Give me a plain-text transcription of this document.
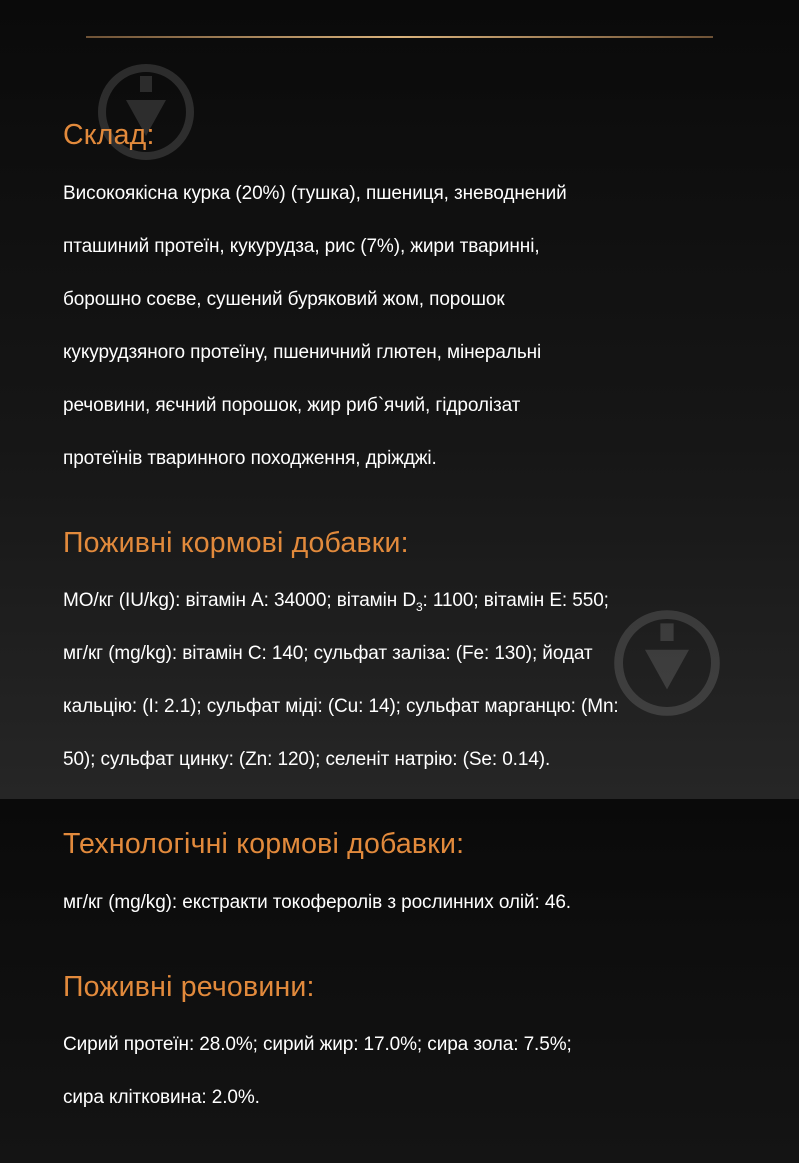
Склад:

Високоякісна курка (20%) (тушка), пшениця, зневоднений

пташиний протеїн, кукурудза, рис (7%), жири тваринні,

борошно соєве, сушений буряковий жом, порошок

кукурудзяного протеїну, пшеничний глютен, мінеральні

речовини, яєчний порошок, жир риб`ячий, гідролізат

протеїнів тваринного походження, дріжджі.

Поживні кормові добавки:

МО/кг (IU/kg): вітамін A: 34000; вітамін $D_3$: 1100; вітамін E: 550;

мг/кг (mg/kg): вітамін C: 140; сульфат заліза: (Fe: 130); йодат

кальцію: (I: 2.1); сульфат міді: (Cu: 14); сульфат марганцю: (Mn:

50); сульфат цинку: (Zn: 120); селеніт натрію: (Se: 0.14).

Технологічні кормові добавки:

мг/кг (mg/kg): екстракти токоферолів з рослинних олій: 46.

Поживні речовини:

Сирий протеїн: 28.0%; сирий жир: 17.0%; сира зола: 7.5%;

сира клітковина: 2.0%.
